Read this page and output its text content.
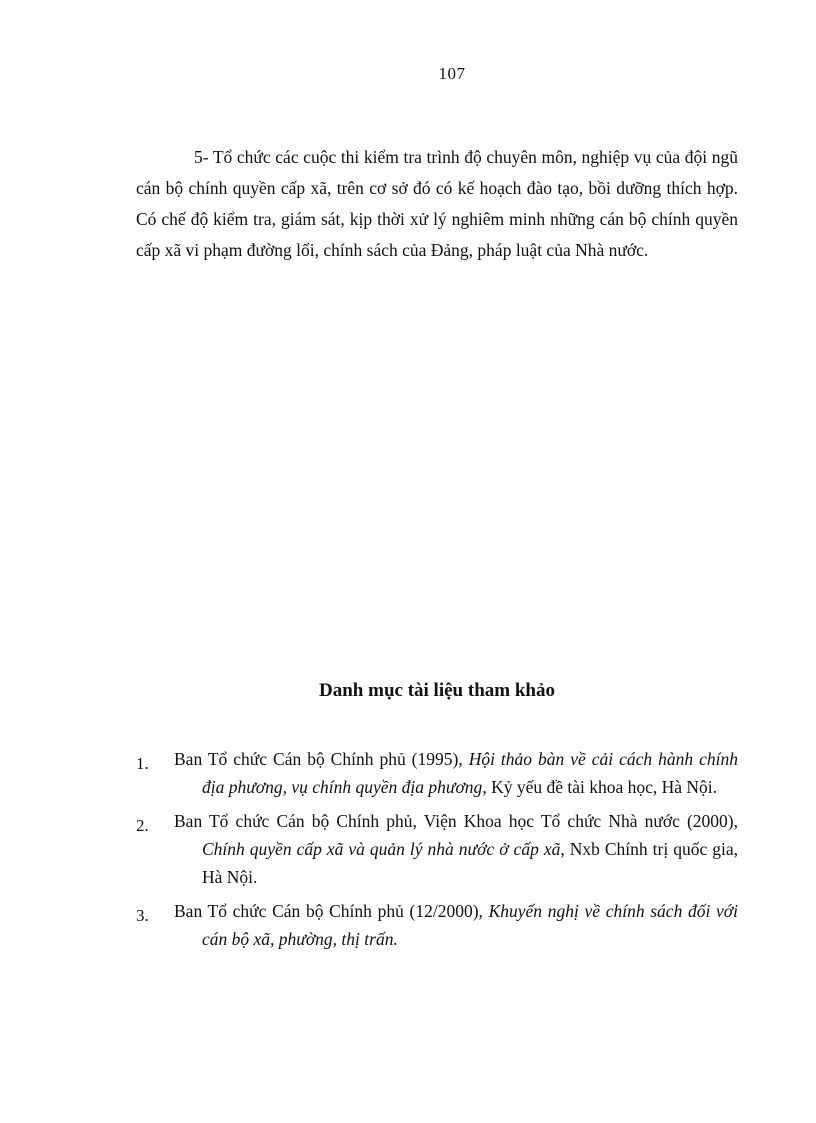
107

5- Tổ chức các cuộc thi kiểm tra trình độ chuyên môn, nghiệp vụ của đội ngũ cán bộ chính quyền cấp xã, trên cơ sở đó có kế hoạch đào tạo, bồi dưỡng thích hợp. Có chế độ kiểm tra, giám sát, kịp thời xử lý nghiêm minh những cán bộ chính quyền cấp xã vi phạm đường lối, chính sách của Đảng, pháp luật của Nhà nước.

Danh mục tài liệu tham khảo
1. Ban Tổ chức Cán bộ Chính phủ (1995), Hội thảo bàn về cải cách hành chính địa phương, vụ chính quyền địa phương, Kỷ yếu đề tài khoa học, Hà Nội.
2. Ban Tổ chức Cán bộ Chính phủ, Viện Khoa học Tổ chức Nhà nước (2000), Chính quyền cấp xã và quản lý nhà nước ở cấp xã, Nxb Chính trị quốc gia, Hà Nội.
3. Ban Tổ chức Cán bộ Chính phủ (12/2000), Khuyến nghị về chính sách đối với cán bộ xã, phường, thị trấn.
